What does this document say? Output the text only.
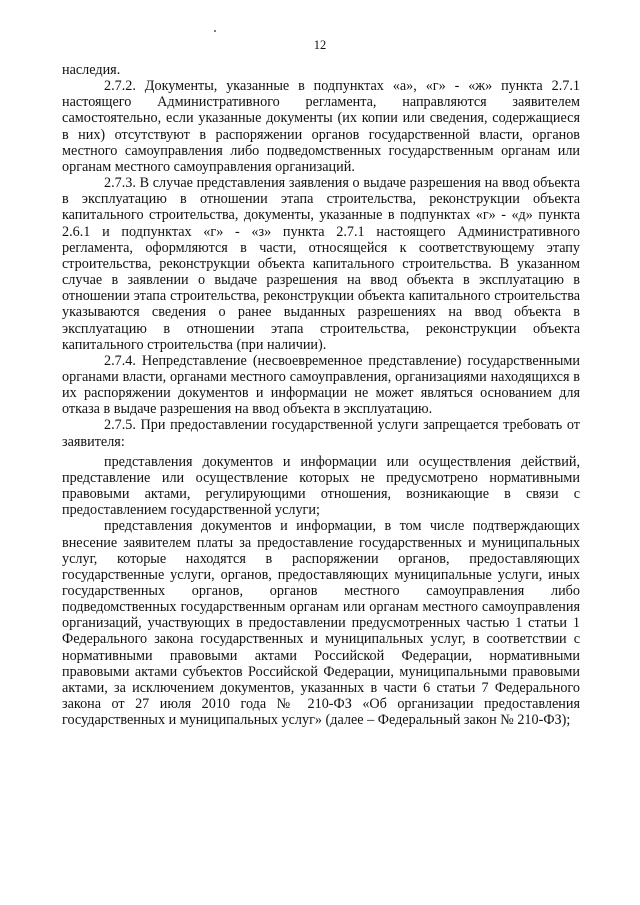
12

наследия.

2.7.2. Документы, указанные в подпунктах «а», «г» - «ж» пункта 2.7.1 настоящего Административного регламента, направляются заявителем самостоятельно, если указанные документы (их копии или сведения, содержащиеся в них) отсутствуют в распоряжении органов государственной власти, органов местного самоуправления либо подведомственных государственным органам или органам местного самоуправления организаций.

2.7.3. В случае представления заявления о выдаче разрешения на ввод объекта в эксплуатацию в отношении этапа строительства, реконструкции объекта капитального строительства, документы, указанные в подпунктах «г» - «д» пункта 2.6.1 и подпунктах «г» - «з» пункта 2.7.1 настоящего Административного регламента, оформляются в части, относящейся к соответствующему этапу строительства, реконструкции объекта капитального строительства. В указанном случае в заявлении о выдаче разрешения на ввод объекта в эксплуатацию в отношении этапа строительства, реконструкции объекта капитального строительства указываются сведения о ранее выданных разрешениях на ввод объекта в эксплуатацию в отношении этапа строительства, реконструкции объекта капитального строительства (при наличии).

2.7.4. Непредставление (несвоевременное представление) государственными органами власти, органами местного самоуправления, организациями находящихся в их распоряжении документов и информации не может являться основанием для отказа в выдаче разрешения на ввод объекта в эксплуатацию.

2.7.5. При предоставлении государственной услуги запрещается требовать от заявителя:

представления документов и информации или осуществления действий, представление или осуществление которых не предусмотрено нормативными правовыми актами, регулирующими отношения, возникающие в связи с предоставлением государственной услуги;

представления документов и информации, в том числе подтверждающих внесение заявителем платы за предоставление государственных и муниципальных услуг, которые находятся в распоряжении органов, предоставляющих государственные услуги, органов, предоставляющих муниципальные услуги, иных государственных органов, органов местного самоуправления либо подведомственных государственным органам или органам местного самоуправления организаций, участвующих в предоставлении предусмотренных частью 1 статьи 1 Федерального закона государственных и муниципальных услуг, в соответствии с нормативными правовыми актами Российской Федерации, нормативными правовыми актами субъектов Российской Федерации, муниципальными правовыми актами, за исключением документов, указанных в части 6 статьи 7 Федерального закона от 27 июля 2010 года № 210-ФЗ «Об организации предоставления государственных и муниципальных услуг» (далее – Федеральный закон № 210-ФЗ);
